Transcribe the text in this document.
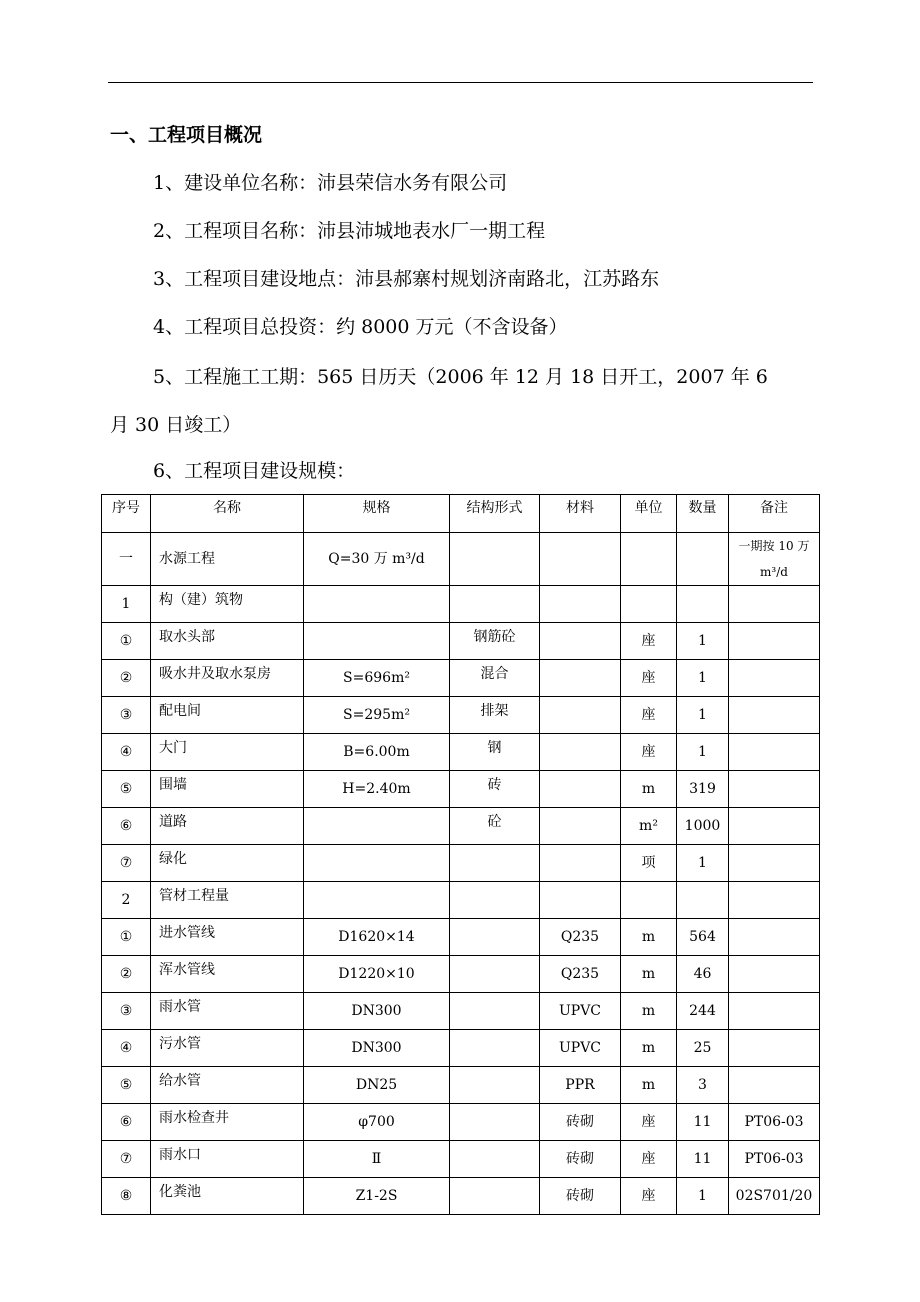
一、工程项目概况
1、建设单位名称：沛县荣信水务有限公司
2、工程项目名称：沛县沛城地表水厂一期工程
3、工程项目建设地点：沛县郝寨村规划济南路北，江苏路东
4、工程项目总投资：约 8000 万元（不含设备）
5、工程施工工期：565 日历天（2006 年 12 月 18 日开工，2007 年 6
月 30 日竣工）
6、工程项目建设规模：
序号	名称	规格	结构形式	材料	单位	数量	备注
一	水源工程	Q=30 万 m³/d					一期按 10 万 m³/d
1	构（建）筑物						
①	取水头部		钢筋砼		座	1	
②	吸水井及取水泵房	S=696m²	混合		座	1	
③	配电间	S=295m²	排架		座	1	
④	大门	B=6.00m	钢		座	1	
⑤	围墙	H=2.40m	砖		m	319	
⑥	道路		砼		m²	1000	
⑦	绿化				项	1	
2	管材工程量						
①	进水管线	D1620×14		Q235	m	564	
②	浑水管线	D1220×10		Q235	m	46	
③	雨水管	DN300		UPVC	m	244	
④	污水管	DN300		UPVC	m	25	
⑤	给水管	DN25		PPR	m	3	
⑥	雨水检查井	φ700		砖砌	座	11	PT06-03
⑦	雨水口	Ⅱ		砖砌	座	11	PT06-03
⑧	化粪池	Z1-2S		砖砌	座	1	02S701/20
